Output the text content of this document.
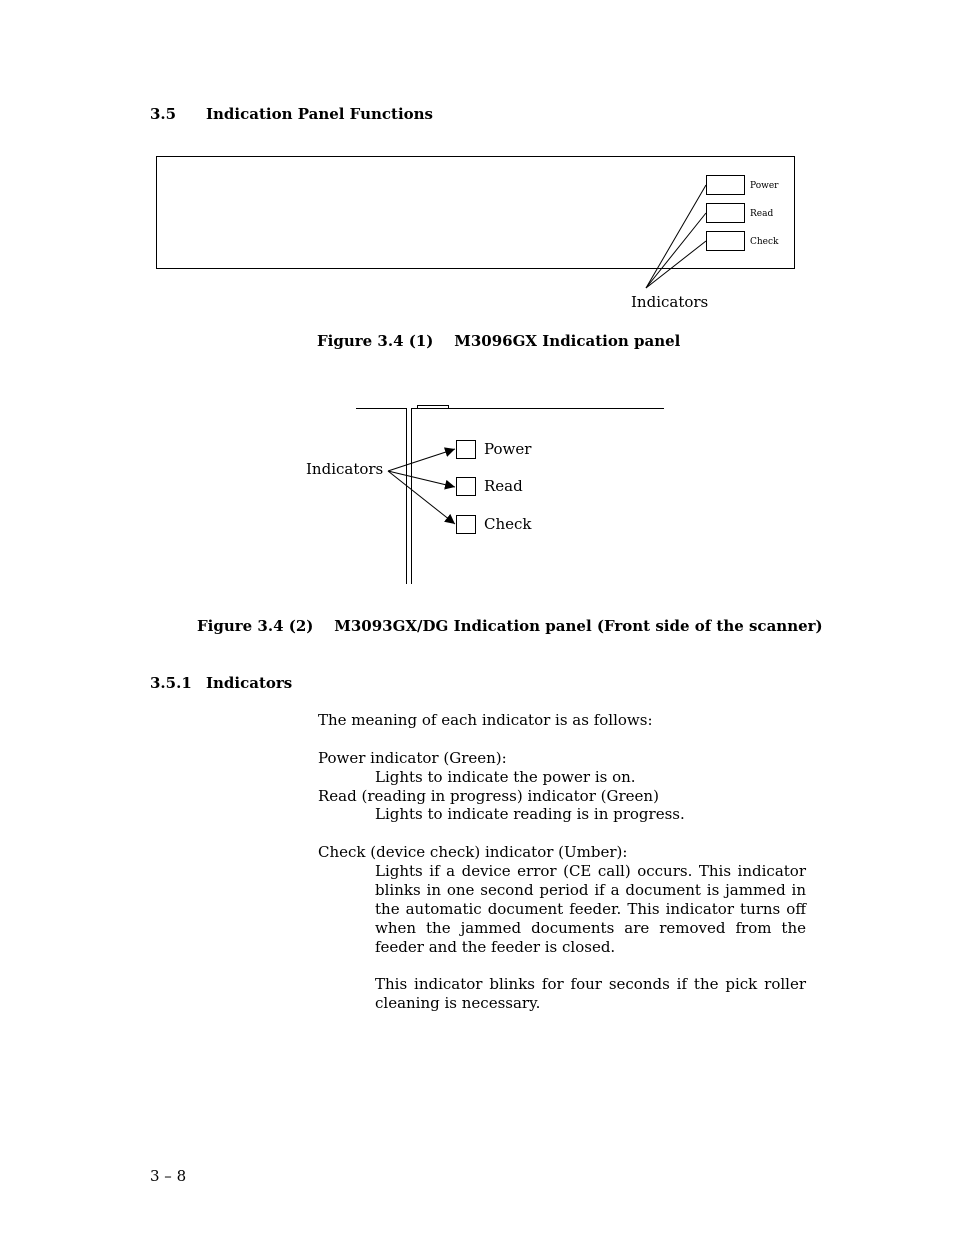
3.5 Indication Panel Functions
Power
Read
Check
Indicators
Figure 3.4 (1)    M3096GX Indication panel
Indicators
Power
Read
Check
Figure 3.4 (2)    M3093GX/DG Indication panel (Front side of the scanner)
3.5.1 Indicators
The meaning of each indicator is as follows:
Power indicator (Green):
Lights to indicate the power is on.
Read (reading in progress) indicator (Green)
Lights to indicate reading is in progress.
Check (device check) indicator (Umber):
Lights if a device error (CE call) occurs. This indicator blinks in one second period if a document is jammed in the automatic document feeder. This indicator turns off when the jammed documents are removed from the feeder and the feeder is closed.
This indicator blinks for four seconds if the pick roller cleaning is necessary.
3 – 8
